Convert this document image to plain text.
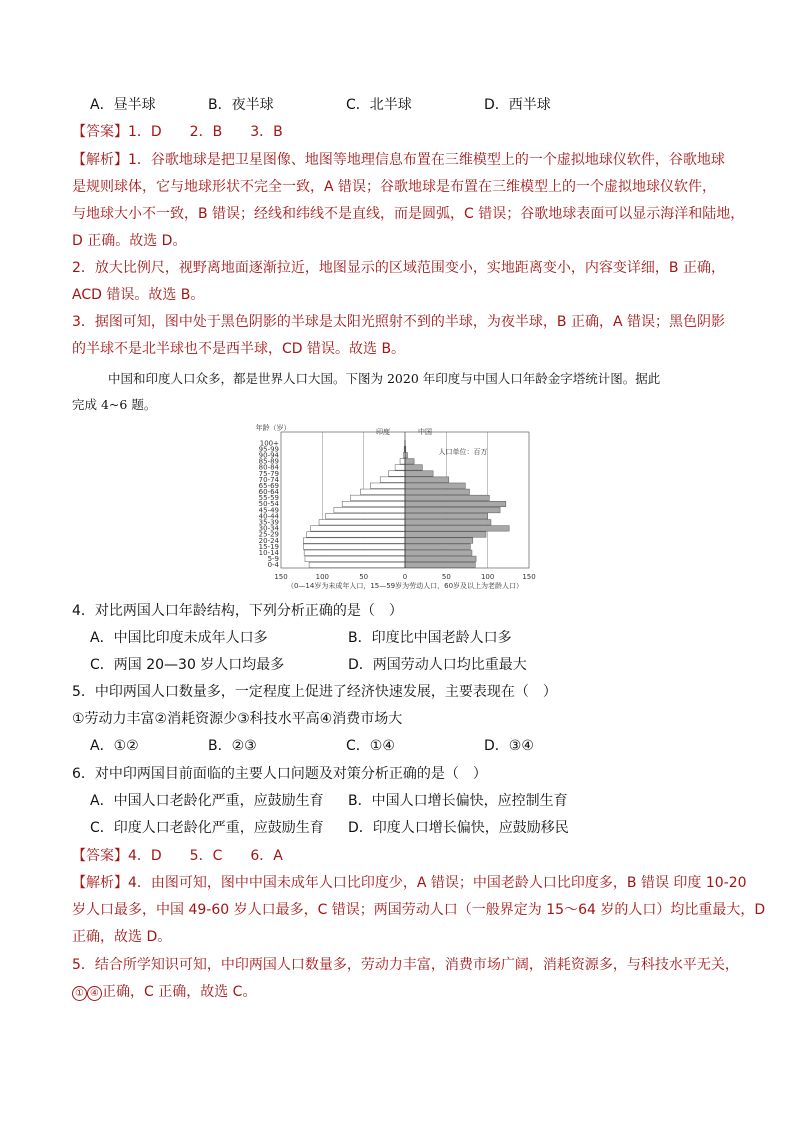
A．昼半球	B．夜半球	C．北半球	D．西半球
【答案】1．D　　2．B　　3．B
【解析】1．谷歌地球是把卫星图像、地图等地理信息布置在三维模型上的一个虚拟地球仪软件，谷歌地球
是规则球体，它与地球形状不完全一致，A 错误；谷歌地球是布置在三维模型上的一个虚拟地球仪软件，
与地球大小不一致，B 错误；经线和纬线不是直线，而是圆弧，C 错误；谷歌地球表面可以显示海洋和陆地，
D 正确。故选 D。
2．放大比例尺，视野离地面逐渐拉近，地图显示的区域范围变小，实地距离变小，内容变详细，B 正确，
ACD 错误。故选 B。
3．据图可知，图中处于黑色阴影的半球是太阳光照射不到的半球，为夜半球，B 正确，A 错误；黑色阴影
的半球不是北半球也不是西半球，CD 错误。故选 B。
中国和印度人口众多，都是世界人口大国。下图为 2020 年印度与中国人口年龄金字塔统计图。据此
完成 4~6 题。
0-4
5-9
10-14
15-19
20-24
25-29
30-34
35-39
40-44
45-49
50-54
55-59
60-64
65-69
70-74
75-79
80-84
85-89
90-94
95-99
100+
年龄（岁）	印度	中国
人口单位：百万
150	100	50	0	50	100	150
（0—14岁为未成年人口，15—59岁为劳动人口，60岁及以上为老龄人口）
4．对比两国人口年龄结构，下列分析正确的是（　）
A．中国比印度未成年人口多	B．印度比中国老龄人口多
C．两国 20—30 岁人口均最多	D．两国劳动人口均比重最大
5．中印两国人口数量多，一定程度上促进了经济快速发展，主要表现在（　）
①劳动力丰富②消耗资源少③科技水平高④消费市场大
A．①②	B．②③	C．①④	D．③④
6．对中印两国目前面临的主要人口问题及对策分析正确的是（　）
A．中国人口老龄化严重，应鼓励生育 B．中国人口增长偏快，应控制生育
C．印度人口老龄化严重，应鼓励生育 D．印度人口增长偏快，应鼓励移民
【答案】4．D　　5．C　　6．A
【解析】4．由图可知，图中中国未成年人口比印度少，A 错误；中国老龄人口比印度多，B 错误 印度 10-20
岁人口最多，中国 49-60 岁人口最多，C 错误；两国劳动人口（一般界定为 15～64 岁的人口）均比重最大，D
正确，故选 D。
5．结合所学知识可知，中印两国人口数量多，劳动力丰富，消费市场广阔，消耗资源多，与科技水平无关，
① ④ 正确，C 正确，故选 C。
